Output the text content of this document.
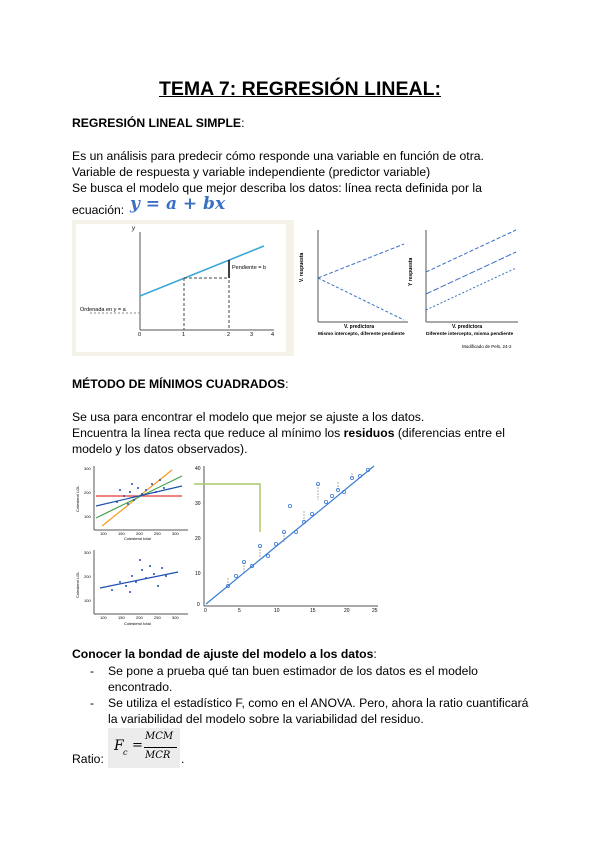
TEMA 7: REGRESIÓN LINEAL:
REGRESIÓN LINEAL SIMPLE:
Es un análisis para predecir cómo responde una variable en función de otra.
Variable de respuesta y variable independiente (predictor variable)
Se busca el modelo que mejor describa los datos: línea recta definida por la
ecuación: y = a + bx
y
Ordenada en y = a
Pendiente = b
0	1	2	3	4
V. respuesta
V. predictora
Mismo intercepto, diferente pendiente
Y respuesta
V. predictora
Diferente intercepto, misma pendiente
Modificado de Pels, 24-2
MÉTODO DE MÍNIMOS CUADRADOS:
Se usa para encontrar el modelo que mejor se ajuste a los datos.
Encuentra la línea recta que reduce al mínimo los residuos (diferencias entre el
modelo y los datos observados).
Colesterol LDL
300
200
100
100	150	200	250	300
Colesterol total
Colesterol LDL
300
200
100
100	150	200	250	300
Colesterol total
40
30
20
10
0
0	5	10	15	20	25
Conocer la bondad de ajuste del modelo a los datos:
- Se pone a prueba qué tan buen estimador de los datos es el modelo
encontrado.
- Se utiliza el estadístico F, como en el ANOVA. Pero, ahora la ratio cuantificará
la variabilidad del modelo sobre la variabilidad del residuo.
Ratio:
F c =
MCM
MCR .
